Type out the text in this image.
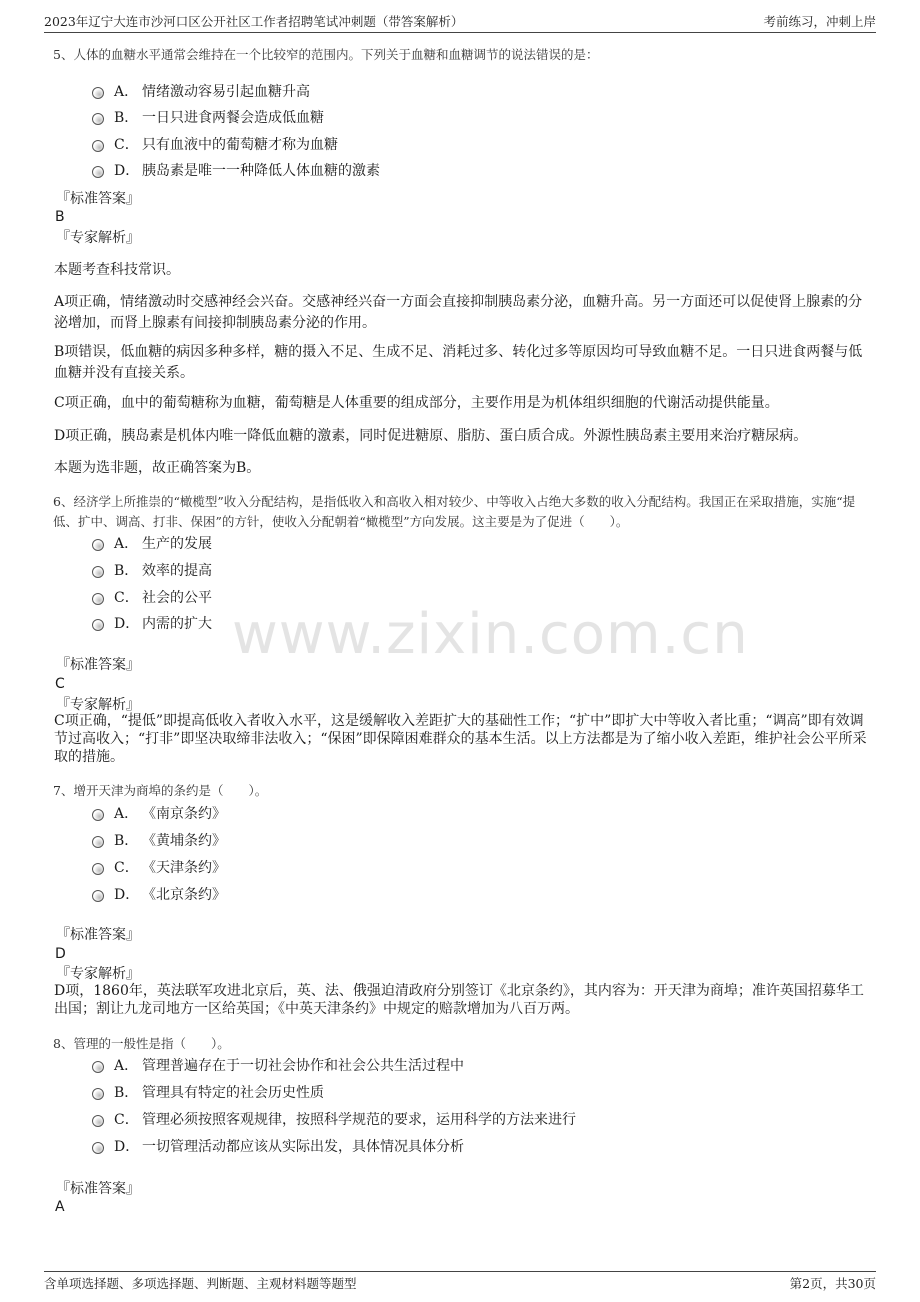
2023年辽宁大连市沙河口区公开社区工作者招聘笔试冲刺题（带答案解析）	考前练习，冲刺上岸
www.zixin.com.cn
5、人体的血糖水平通常会维持在一个比较窄的范围内。下列关于血糖和血糖调节的说法错误的是：
A． 情绪激动容易引起血糖升高
B． 一日只进食两餐会造成低血糖
C． 只有血液中的葡萄糖才称为血糖
D． 胰岛素是唯一一种降低人体血糖的激素
『标准答案』
B
『专家解析』
本题考查科技常识。
A项正确，情绪激动时交感神经会兴奋。交感神经兴奋一方面会直接抑制胰岛素分泌，血糖升高。另一方面还可以促使肾上腺素的分泌增加，而肾上腺素有间接抑制胰岛素分泌的作用。
B项错误，低血糖的病因多种多样，糖的摄入不足、生成不足、消耗过多、转化过多等原因均可导致血糖不足。一日只进食两餐与低血糖并没有直接关系。
C项正确，血中的葡萄糖称为血糖，葡萄糖是人体重要的组成部分，主要作用是为机体组织细胞的代谢活动提供能量。
D项正确，胰岛素是机体内唯一降低血糖的激素，同时促进糖原、脂肪、蛋白质合成。外源性胰岛素主要用来治疗糖尿病。
本题为选非题，故正确答案为B。
6、经济学上所推崇的“橄榄型”收入分配结构，是指低收入和高收入相对较少、中等收入占绝大多数的收入分配结构。我国正在采取措施，实施“提低、扩中、调高、打非、保困”的方针，使收入分配朝着“橄榄型”方向发展。这主要是为了促进（　　）。
A． 生产的发展
B． 效率的提高
C． 社会的公平
D． 内需的扩大
『标准答案』
C
『专家解析』
C项正确，“提低”即提高低收入者收入水平，这是缓解收入差距扩大的基础性工作；“扩中”即扩大中等收入者比重；“调高”即有效调节过高收入；“打非”即坚决取缔非法收入；“保困”即保障困难群众的基本生活。以上方法都是为了缩小收入差距，维护社会公平所采取的措施。
7、增开天津为商埠的条约是（　　）。
A． 《南京条约》
B． 《黄埔条约》
C． 《天津条约》
D． 《北京条约》
『标准答案』
D
『专家解析』
D项，1860年，英法联军攻进北京后，英、法、俄强迫清政府分别签订《北京条约》，其内容为：开天津为商埠；准许英国招募华工出国；割让九龙司地方一区给英国；《中英天津条约》中规定的赔款增加为八百万两。
8、管理的一般性是指（　　）。
A． 管理普遍存在于一切社会协作和社会公共生活过程中
B． 管理具有特定的社会历史性质
C． 管理必须按照客观规律，按照科学规范的要求，运用科学的方法来进行
D． 一切管理活动都应该从实际出发，具体情况具体分析
『标准答案』
A
含单项选择题、多项选择题、判断题、主观材料题等题型	第2页，共30页
